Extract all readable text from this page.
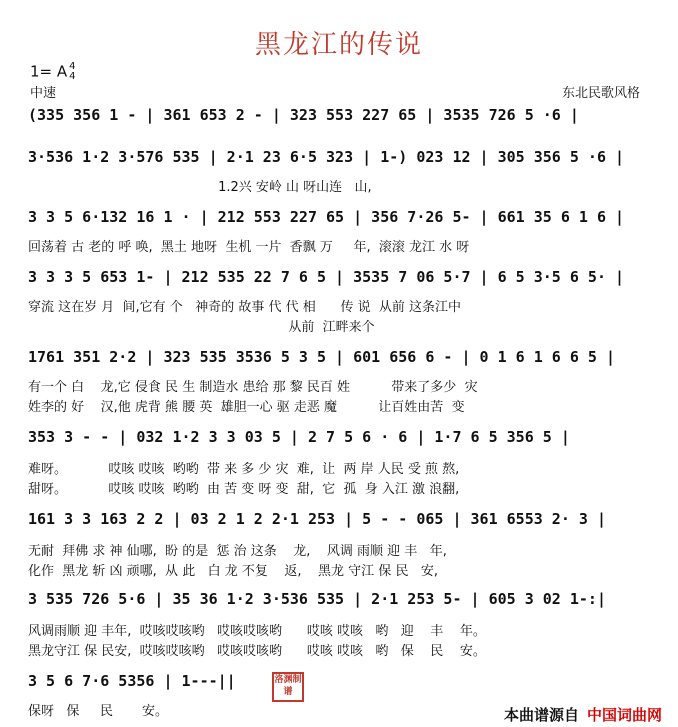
黑龙江的传说
1= A 4
4
中速	东北民歌风格
(335 356 1 - | 361 653 2 - | 323 553 227 65 | 3535 726 5 ·6 |
3·536 1·2 3·576 535 | 2·1 23 6·5 323 | 1-) 023 12 | 305 356 5 ·6 |
1.2兴 安岭 山 呀山连   山,
3 3 5 6·132 16 1 · | 212 553 227 65 | 356 7·26 5- | 661 35 6 1 6 |
回荡着 古 老的 呼 唤,  黑土 地呀  生机 一片  香飘 万     年,  滚滚 龙江 水 呀
3 3 3 5 653 1- | 212 535 22 7 6 5 | 3535 7 06 5·7 | 6 5 3·5 6 5· |
穿流 这在岁 月  间,它有 个   神奇的 故事 代 代 相      传 说  从前 这条江中
从前  江畔来个
1761 351 2·2 | 323 535 3536 5 3 5 | 601 656 6 - | 0 1 6 1 6 6 5 |
有一个 白    龙,它 侵食 民 生 制造水 患给 那 黎 民百 姓          带来了多少  灾
姓李的 好    汉,他 虎背 熊 腰 英  雄胆一心 驱 走恶 魔          让百姓由苦  变
353 3 - - | 032 1·2 3 3 03 5 | 2 7 5 6 · 6 | 1·7 6 5 356 5 |
难呀。          哎咳 哎咳  哟哟  带 来 多 少 灾  难,  让  两 岸 人民 受 煎 熬,
甜呀。          哎咳 哎咳  哟哟  由 苦 变 呀 变  甜,  它  孤  身 入江 激 浪翻,
161 3 3 163 2 2 | 03 2 1 2 2·1 253 | 5 - - 065 | 361 6553 2· 3 |
无耐  拜佛 求 神 仙哪,  盼 的是  惩 治 这条    龙,    风调 雨顺 迎 丰   年,
化作  黑龙 斩 凶 顽哪,  从 此   白 龙 不复    返,    黑龙 守江 保 民   安,
3 535 726 5·6 | 35 36 1·2 3·536 535 | 2·1 253 5- | 605 3 02 1-:|
风调雨顺 迎 丰年,  哎咳哎咳哟   哎咳哎咳哟      哎咳 哎咳   哟   迎    丰    年。
黑龙守江 保 民安,  哎咳哎咳哟   哎咳哎咳哟      哎咳 哎咳   哟   保    民    安。
3 5 6 7·6 5356 | 1---||
保呀   保     民       安。
洛渊制谱
本曲谱源自 中国词曲网
